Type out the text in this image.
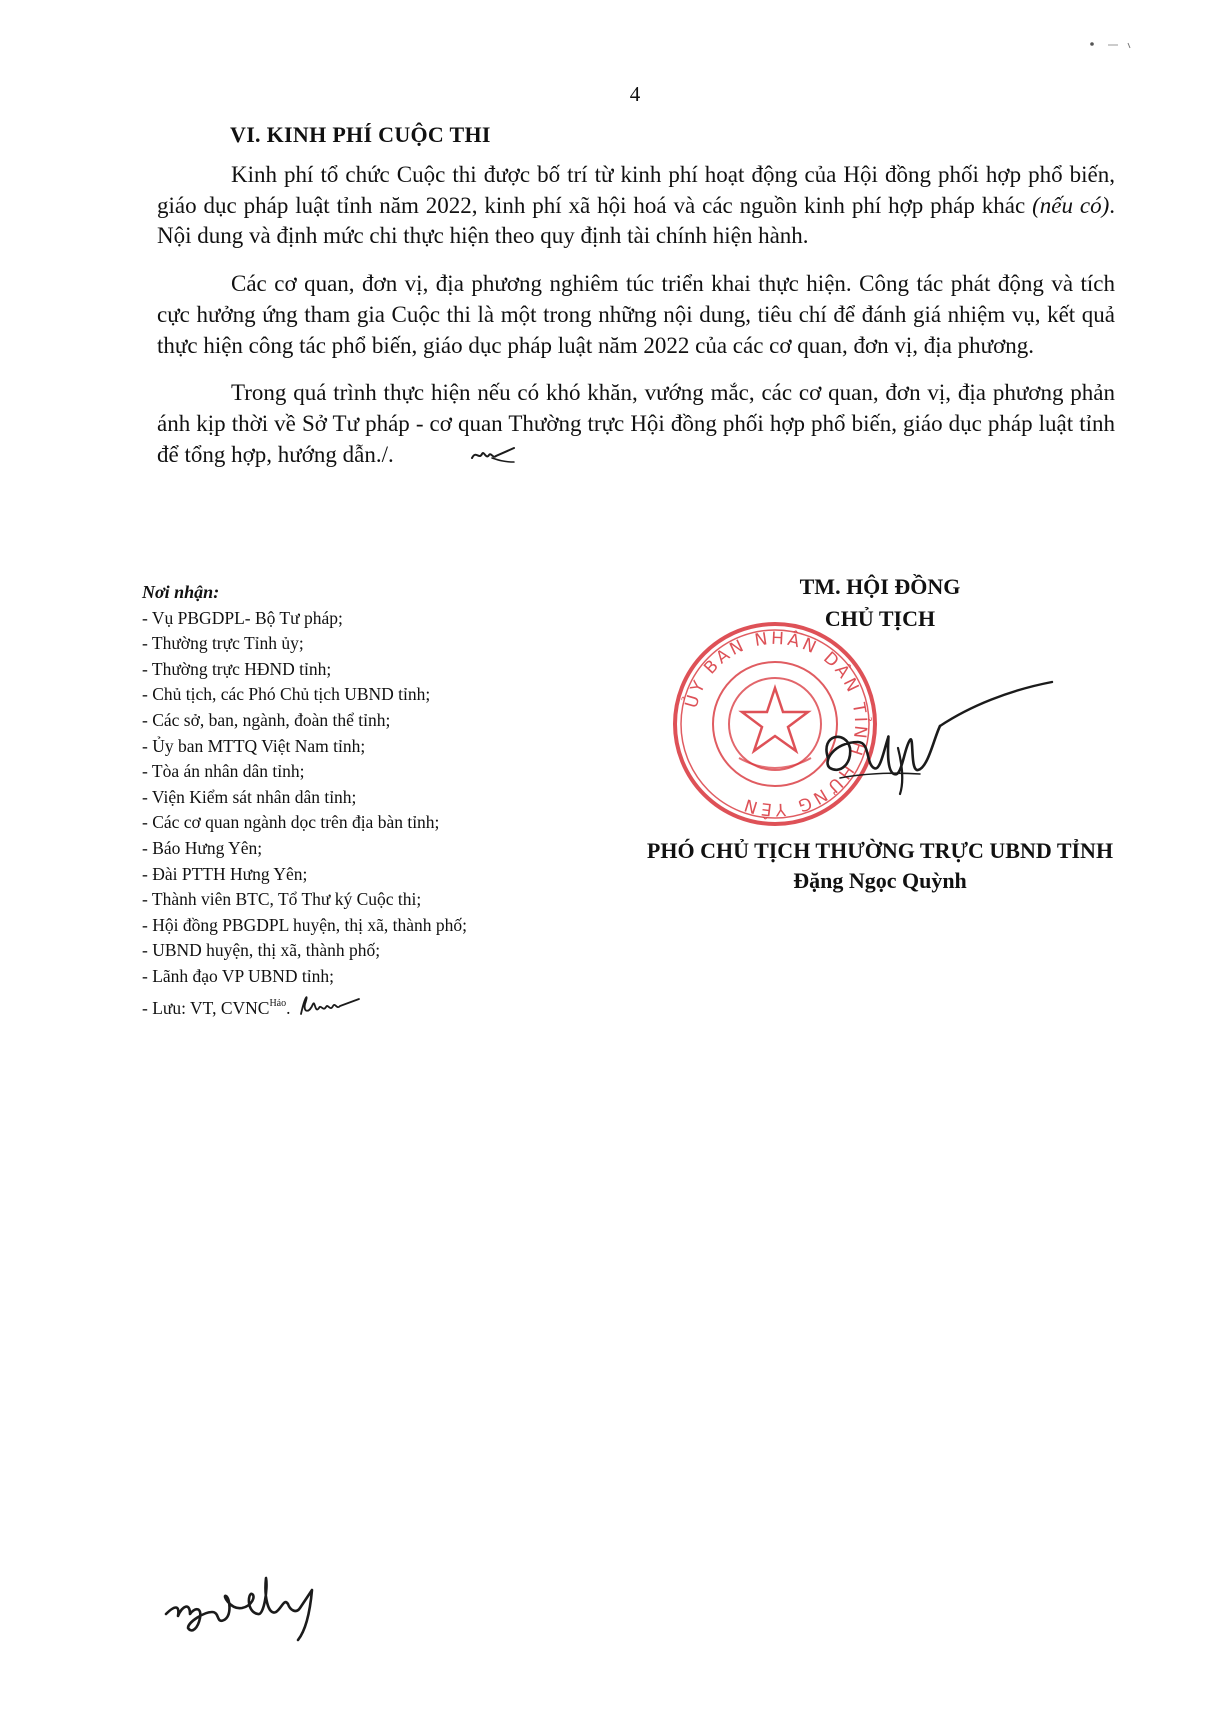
4
VI. KINH PHÍ CUỘC THI

Kinh phí tổ chức Cuộc thi được bố trí từ kinh phí hoạt động của Hội đồng phối hợp phổ biến, giáo dục pháp luật tỉnh năm 2022, kinh phí xã hội hoá và các nguồn kinh phí hợp pháp khác (nếu có). Nội dung và định mức chi thực hiện theo quy định tài chính hiện hành.

Các cơ quan, đơn vị, địa phương nghiêm túc triển khai thực hiện. Công tác phát động và tích cực hưởng ứng tham gia Cuộc thi là một trong những nội dung, tiêu chí để đánh giá nhiệm vụ, kết quả thực hiện công tác phổ biến, giáo dục pháp luật năm 2022 của các cơ quan, đơn vị, địa phương.

Trong quá trình thực hiện nếu có khó khăn, vướng mắc, các cơ quan, đơn vị, địa phương phản ánh kịp thời về Sở Tư pháp - cơ quan Thường trực Hội đồng phối hợp phổ biến, giáo dục pháp luật tỉnh để tổng hợp, hướng dẫn./.

Nơi nhận:
- Vụ PBGDPL- Bộ Tư pháp;
- Thường trực Tỉnh ủy;
- Thường trực HĐND tỉnh;
- Chủ tịch, các Phó Chủ tịch UBND tỉnh;
- Các sở, ban, ngành, đoàn thể tỉnh;
- Ủy ban MTTQ Việt Nam tỉnh;
- Tòa án nhân dân tỉnh;
- Viện Kiểm sát nhân dân tỉnh;
- Các cơ quan ngành dọc trên địa bàn tỉnh;
- Báo Hưng Yên;
- Đài PTTH Hưng Yên;
- Thành viên BTC, Tổ Thư ký Cuộc thi;
- Hội đồng PBGDPL huyện, thị xã, thành phố;
- UBND huyện, thị xã, thành phố;
- Lãnh đạo VP UBND tỉnh;
- Lưu: VT, $CVNC^{Hảo}$.
TM. HỘI ĐỒNG
CHỦ TỊCH
ỦY BAN NHÂN DÂN TỈNH HƯNG YÊN
PHÓ CHỦ TỊCH THƯỜNG TRỰC UBND TỈNH
Đặng Ngọc Quỳnh
